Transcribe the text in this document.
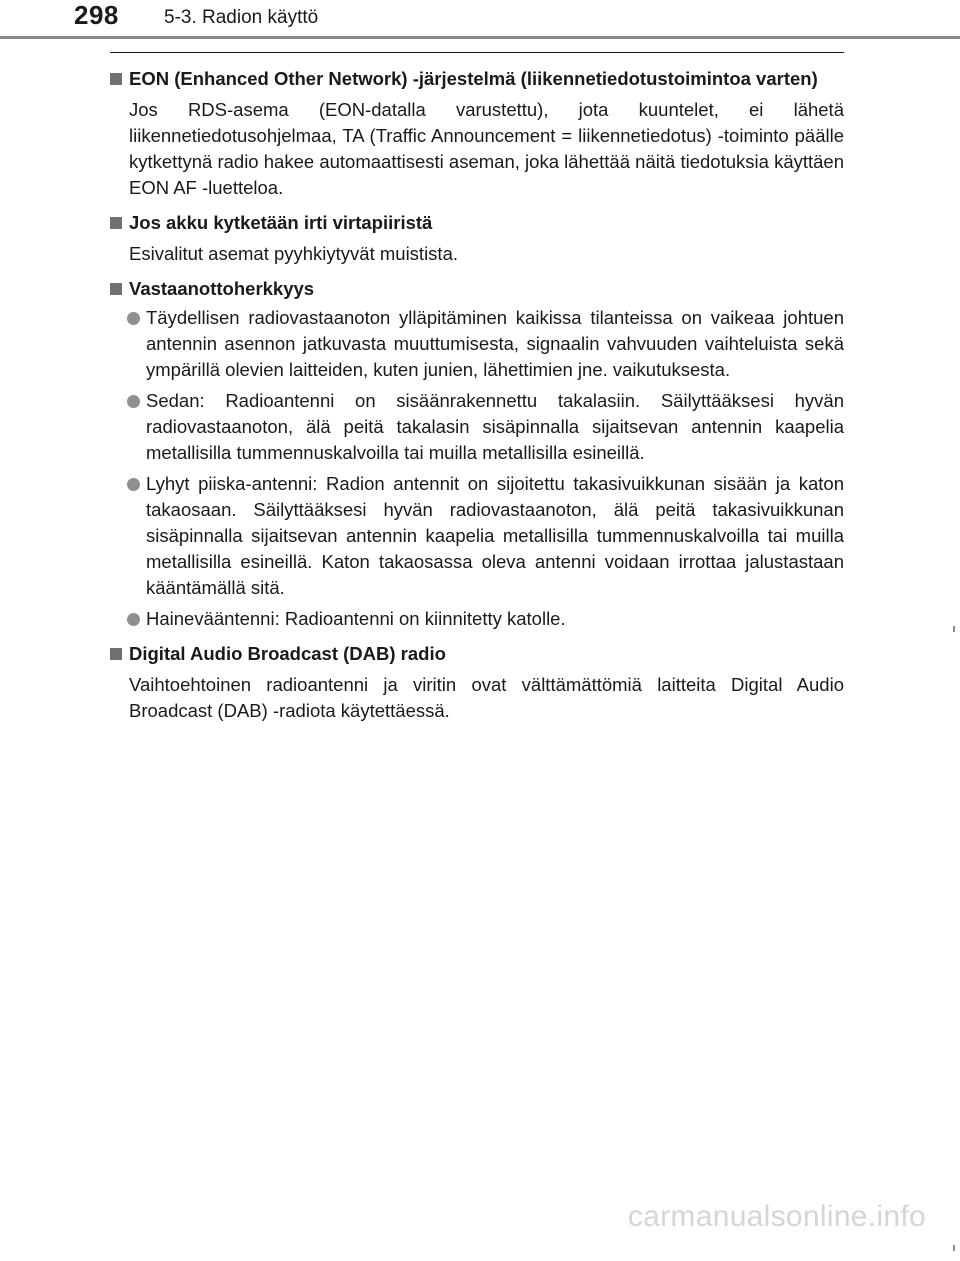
298 5-3. Radion käyttö
EON (Enhanced Other Network) -järjestelmä (liikennetiedotustoimintoa varten)
Jos RDS-asema (EON-datalla varustettu), jota kuuntelet, ei lähetä liikennetiedotusohjelmaa, TA (Traffic Announcement = liikennetiedotus) -toiminto päälle kytkettynä radio hakee automaattisesti aseman, joka lähettää näitä tiedotuksia käyttäen EON AF -luetteloa.
Jos akku kytketään irti virtapiiristä
Esivalitut asemat pyyhkiytyvät muistista.
Vastaanottoherkkyys
Täydellisen radiovastaanoton ylläpitäminen kaikissa tilanteissa on vaikeaa johtuen antennin asennon jatkuvasta muuttumisesta, signaalin vahvuuden vaihteluista sekä ympärillä olevien laitteiden, kuten junien, lähettimien jne. vaikutuksesta.
Sedan: Radioantenni on sisäänrakennettu takalasiin. Säilyttääksesi hyvän radiovastaanoton, älä peitä takalasin sisäpinnalla sijaitsevan antennin kaapelia metallisilla tummennuskalvoilla tai muilla metallisilla esineillä.
Lyhyt piiska-antenni: Radion antennit on sijoitettu takasivuikkunan sisään ja katon takaosaan. Säilyttääksesi hyvän radiovastaanoton, älä peitä takasivuikkunan sisäpinnalla sijaitsevan antennin kaapelia metallisilla tummennuskalvoilla tai muilla metallisilla esineillä. Katon takaosassa oleva antenni voidaan irrottaa jalustastaan kääntämällä sitä.
Hainevääntenni: Radioantenni on kiinnitetty katolle.
Digital Audio Broadcast (DAB) radio
Vaihtoehtoinen radioantenni ja viritin ovat välttämättömiä laitteita Digital Audio Broadcast (DAB) -radiota käytettäessä.
carmanualsonline.info
